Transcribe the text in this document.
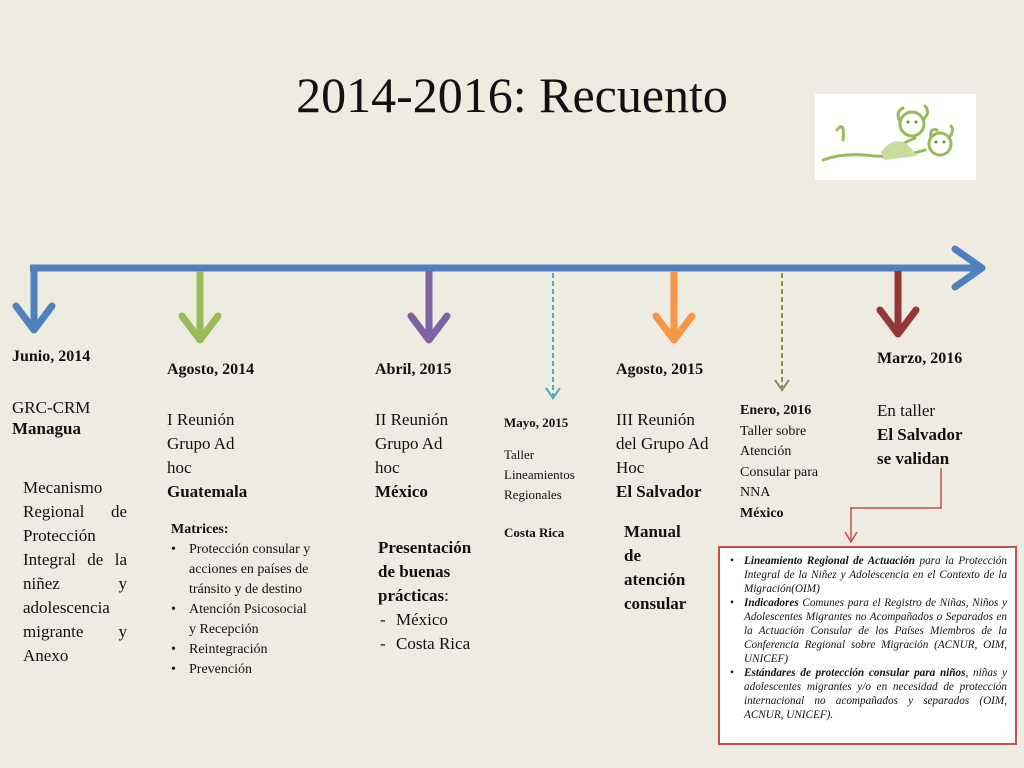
2014-2016: Recuento
Junio, 2014
GRC-CRM
Managua
Mecanismo Regional de Protección Integral de la niñez y adolescencia migrante y Anexo
Agosto, 2014
I Reunión
Grupo Ad
hoc
Guatemala
Matrices:
• Protección consular y acciones en países de tránsito y de destino
• Atención Psicosocial y Recepción
• Reintegración
• Prevención
Abril, 2015
II Reunión
Grupo Ad
hoc
México
Presentación
de buenas
prácticas:
- México
- Costa Rica
Mayo, 2015
Taller
Lineamientos
Regionales
Costa Rica
Agosto, 2015
III Reunión
del Grupo Ad
Hoc
El Salvador
Manual
de
atención
consular
Enero, 2016
Taller sobre
Atención
Consular para
NNA
México
Marzo, 2016
En taller
El Salvador
se validan
• Lineamiento Regional de Actuación para la Protección Integral de la Niñez y Adolescencia en el Contexto de la Migración(OIM)
• Indicadores Comunes para el Registro de Niñas, Niños y Adolescentes Migrantes no Acompañados o Separados en la Actuación Consular de los Países Miembros de la Conferencia Regional sobre Migración (ACNUR, OIM, UNICEF)
• Estándares de protección consular para niños, niñas y adolescentes migrantes y/o en necesidad de protección internacional no acompañados y separados (OIM, ACNUR, UNICEF).
